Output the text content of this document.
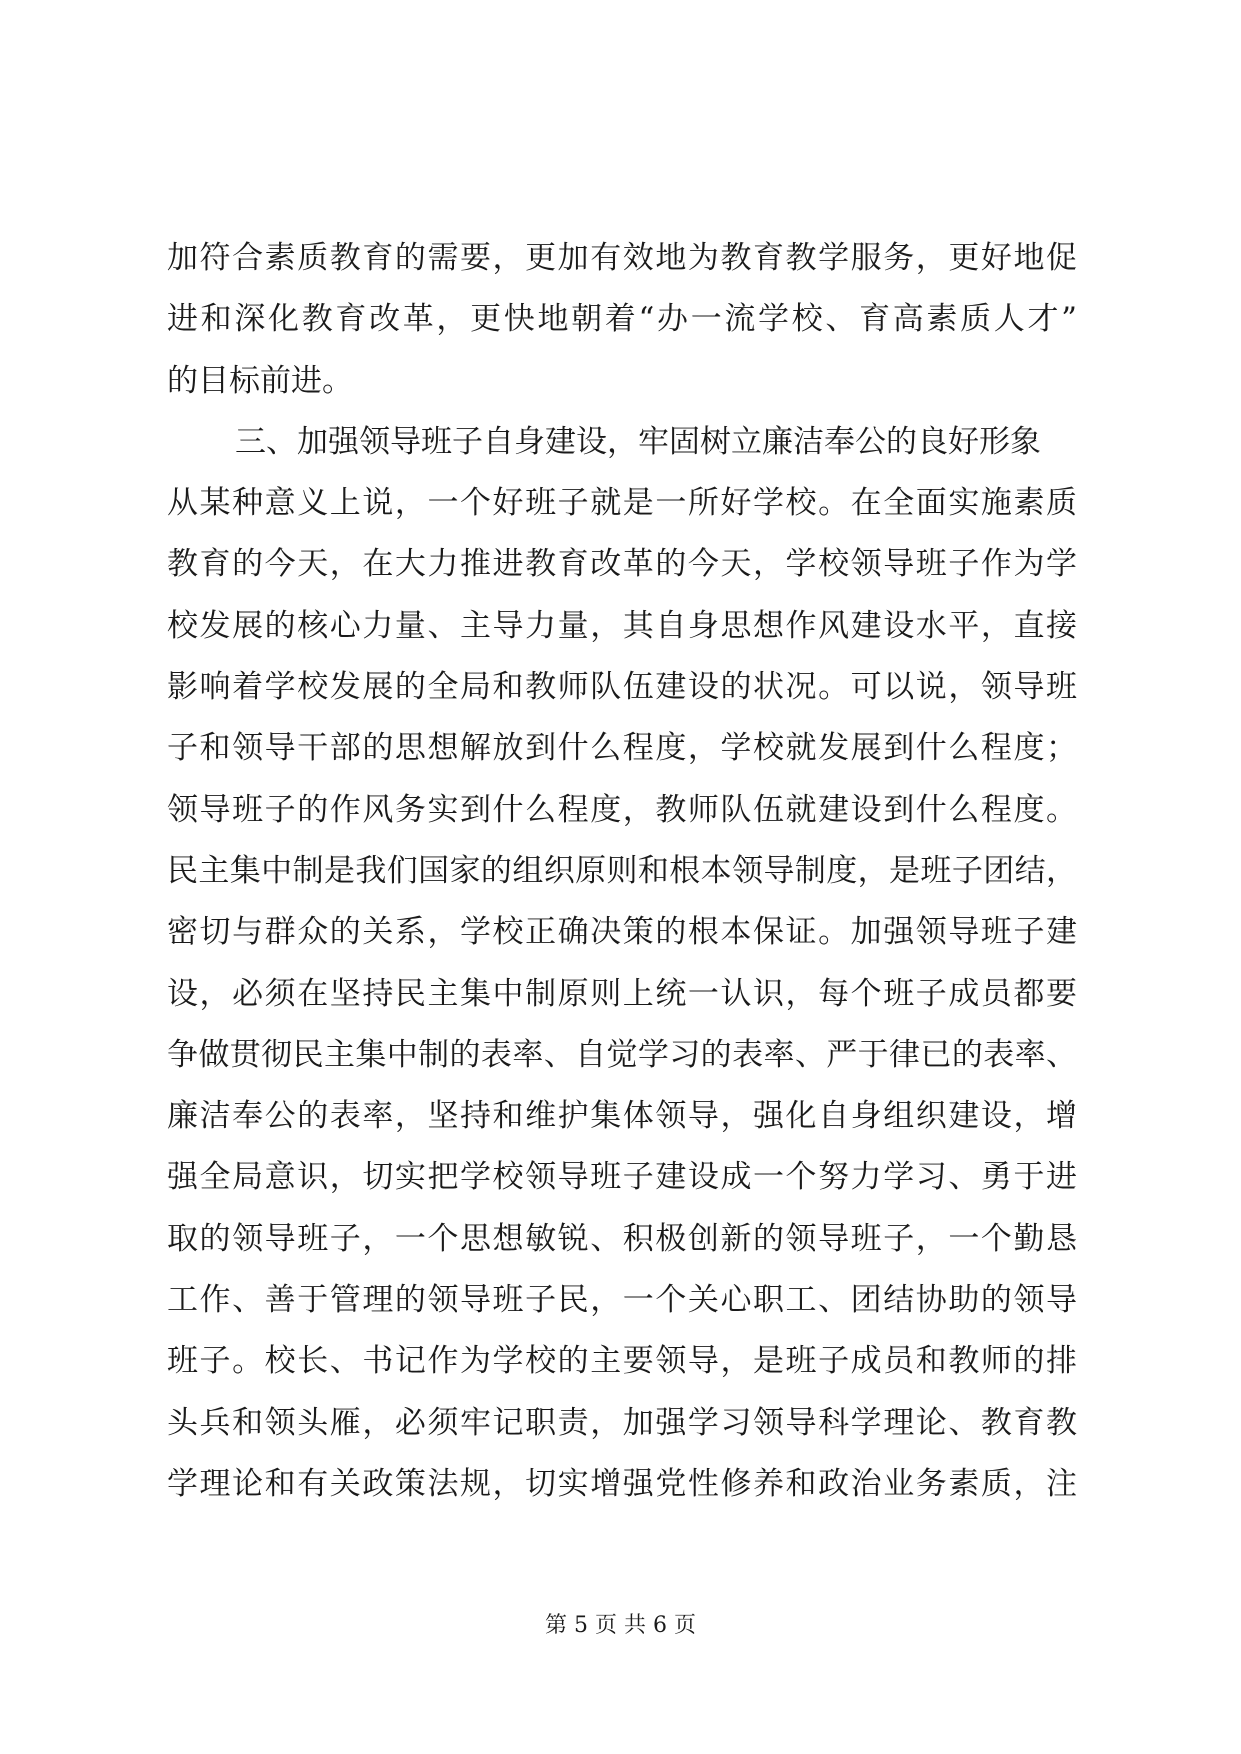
加符合素质教育的需要，更加有效地为教育教学服务，更好地促
进和深化教育改革，更快地朝着“办一流学校、育高素质人才”
的目标前进。
三、加强领导班子自身建设，牢固树立廉洁奉公的良好形象
从某种意义上说，一个好班子就是一所好学校。在全面实施素质
教育的今天，在大力推进教育改革的今天，学校领导班子作为学
校发展的核心力量、主导力量，其自身思想作风建设水平，直接
影响着学校发展的全局和教师队伍建设的状况。可以说，领导班
子和领导干部的思想解放到什么程度，学校就发展到什么程度；
领导班子的作风务实到什么程度，教师队伍就建设到什么程度。
民主集中制是我们国家的组织原则和根本领导制度，是班子团结，
密切与群众的关系，学校正确决策的根本保证。加强领导班子建
设，必须在坚持民主集中制原则上统一认识，每个班子成员都要
争做贯彻民主集中制的表率、自觉学习的表率、严于律已的表率、
廉洁奉公的表率，坚持和维护集体领导，强化自身组织建设，增
强全局意识，切实把学校领导班子建设成一个努力学习、勇于进
取的领导班子，一个思想敏锐、积极创新的领导班子，一个勤恳
工作、善于管理的领导班子民，一个关心职工、团结协助的领导
班子。校长、书记作为学校的主要领导，是班子成员和教师的排
头兵和领头雁，必须牢记职责，加强学习领导科学理论、教育教
学理论和有关政策法规，切实增强党性修养和政治业务素质，注
第 5 页 共 6 页
